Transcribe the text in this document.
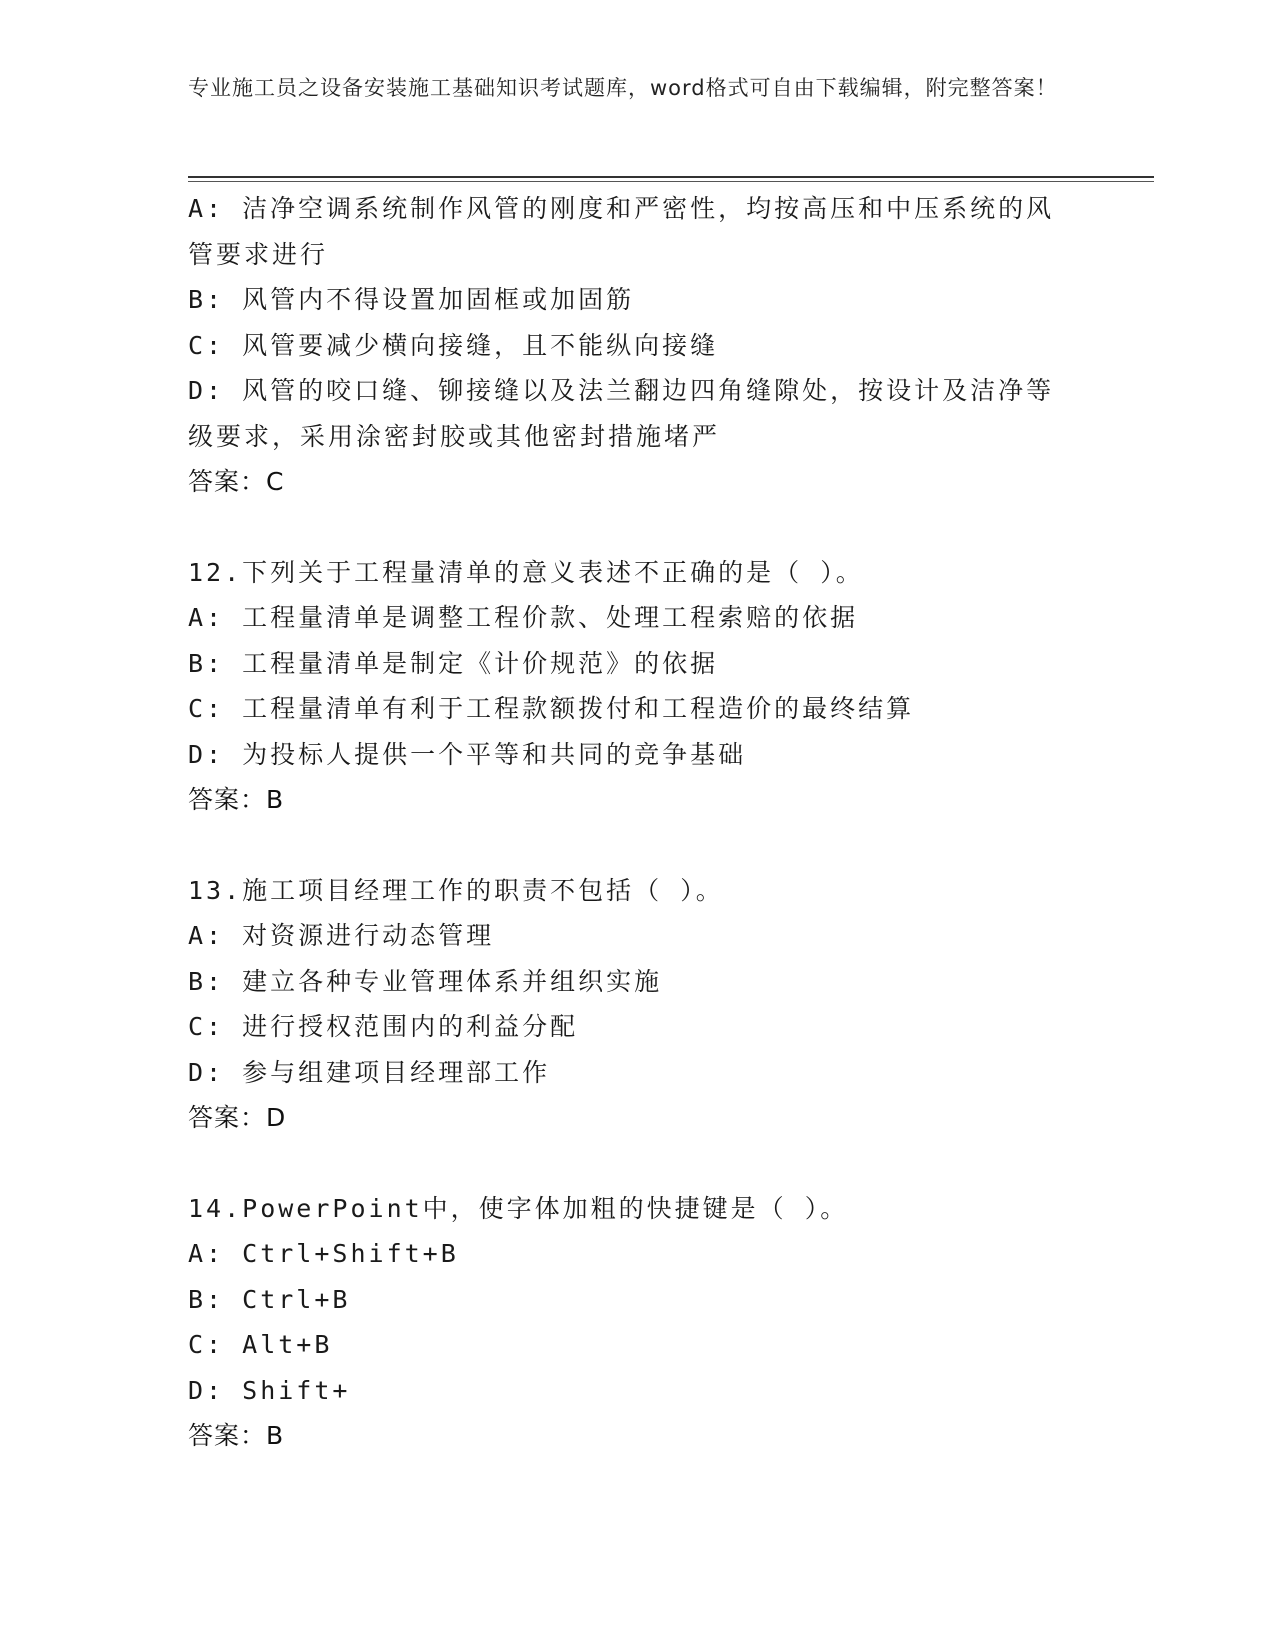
专业施工员之设备安装施工基础知识考试题库，word格式可自由下载编辑，附完整答案！
A: 洁净空调系统制作风管的刚度和严密性，均按高压和中压系统的风管要求进行
B: 风管内不得设置加固框或加固筋
C: 风管要减少横向接缝，且不能纵向接缝
D: 风管的咬口缝、铆接缝以及法兰翻边四角缝隙处，按设计及洁净等级要求，采用涂密封胶或其他密封措施堵严
答案：C
12.下列关于工程量清单的意义表述不正确的是（ ）。
A: 工程量清单是调整工程价款、处理工程索赔的依据
B: 工程量清单是制定《计价规范》的依据
C: 工程量清单有利于工程款额拨付和工程造价的最终结算
D: 为投标人提供一个平等和共同的竞争基础
答案：B
13.施工项目经理工作的职责不包括（ ）。
A: 对资源进行动态管理
B: 建立各种专业管理体系并组织实施
C: 进行授权范围内的利益分配
D: 参与组建项目经理部工作
答案：D
14.PowerPoint中，使字体加粗的快捷键是（ ）。
A: Ctrl+Shift+B
B: Ctrl+B
C: Alt+B
D: Shift+
答案：B
